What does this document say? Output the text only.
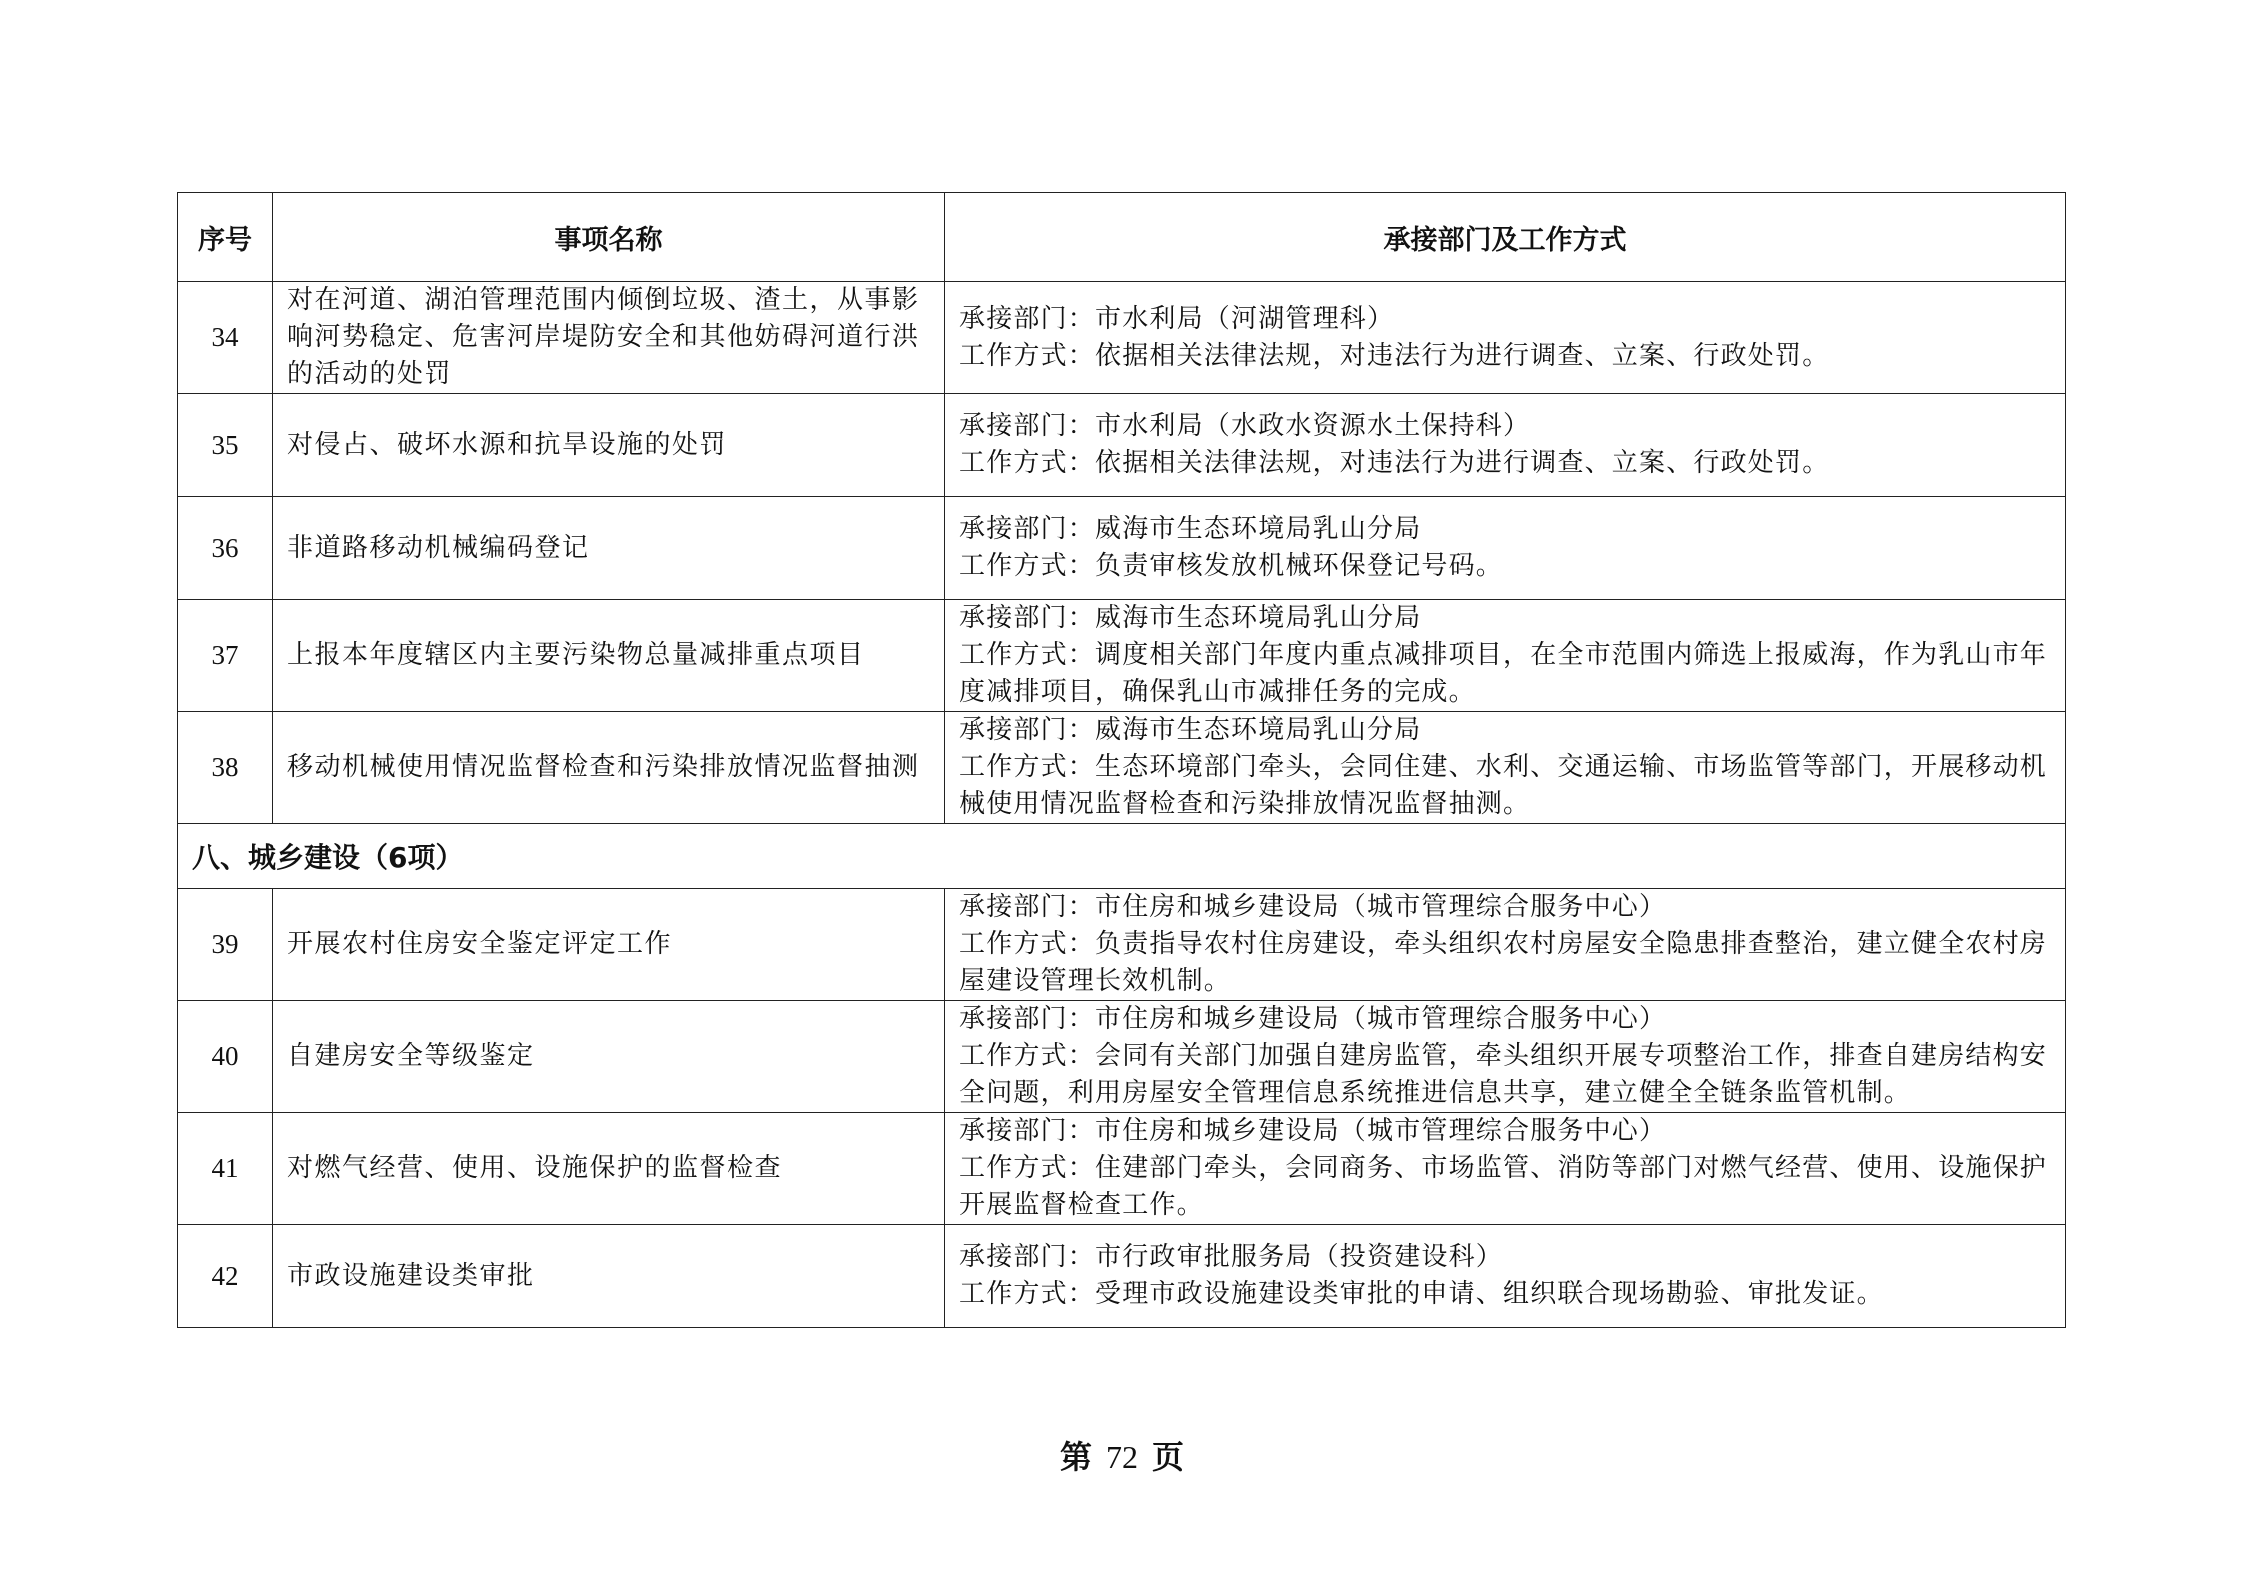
序号	事项名称	承接部门及工作方式
34	对在河道、湖泊管理范围内倾倒垃圾、渣土，从事影响河势稳定、危害河岸堤防安全和其他妨碍河道行洪的活动的处罚	承接部门：市水利局（河湖管理科）
工作方式：依据相关法律法规，对违法行为进行调查、立案、行政处罚。

35	对侵占、破坏水源和抗旱设施的处罚	承接部门：市水利局（水政水资源水土保持科）
工作方式：依据相关法律法规，对违法行为进行调查、立案、行政处罚。

36	非道路移动机械编码登记	承接部门：威海市生态环境局乳山分局
工作方式：负责审核发放机械环保登记号码。

37	上报本年度辖区内主要污染物总量减排重点项目	承接部门：威海市生态环境局乳山分局
工作方式：调度相关部门年度内重点减排项目，在全市范围内筛选上报威海，作为乳山市年度减排项目，确保乳山市减排任务的完成。

38	移动机械使用情况监督检查和污染排放情况监督抽测	承接部门：威海市生态环境局乳山分局
工作方式：生态环境部门牵头，会同住建、水利、交通运输、市场监管等部门，开展移动机械使用情况监督检查和污染排放情况监督抽测。

八、城乡建设（6项）		
39	开展农村住房安全鉴定评定工作	承接部门：市住房和城乡建设局（城市管理综合服务中心）
工作方式：负责指导农村住房建设，牵头组织农村房屋安全隐患排查整治，建立健全农村房屋建设管理长效机制。

40	自建房安全等级鉴定	承接部门：市住房和城乡建设局（城市管理综合服务中心）
工作方式：会同有关部门加强自建房监管，牵头组织开展专项整治工作，排查自建房结构安全问题，利用房屋安全管理信息系统推进信息共享，建立健全全链条监管机制。

41	对燃气经营、使用、设施保护的监督检查	承接部门：市住房和城乡建设局（城市管理综合服务中心）
工作方式：住建部门牵头，会同商务、市场监管、消防等部门对燃气经营、使用、设施保护开展监督检查工作。

42	市政设施建设类审批	承接部门：市行政审批服务局（投资建设科）
工作方式：受理市政设施建设类审批的申请、组织联合现场勘验、审批发证。
第 72 页
